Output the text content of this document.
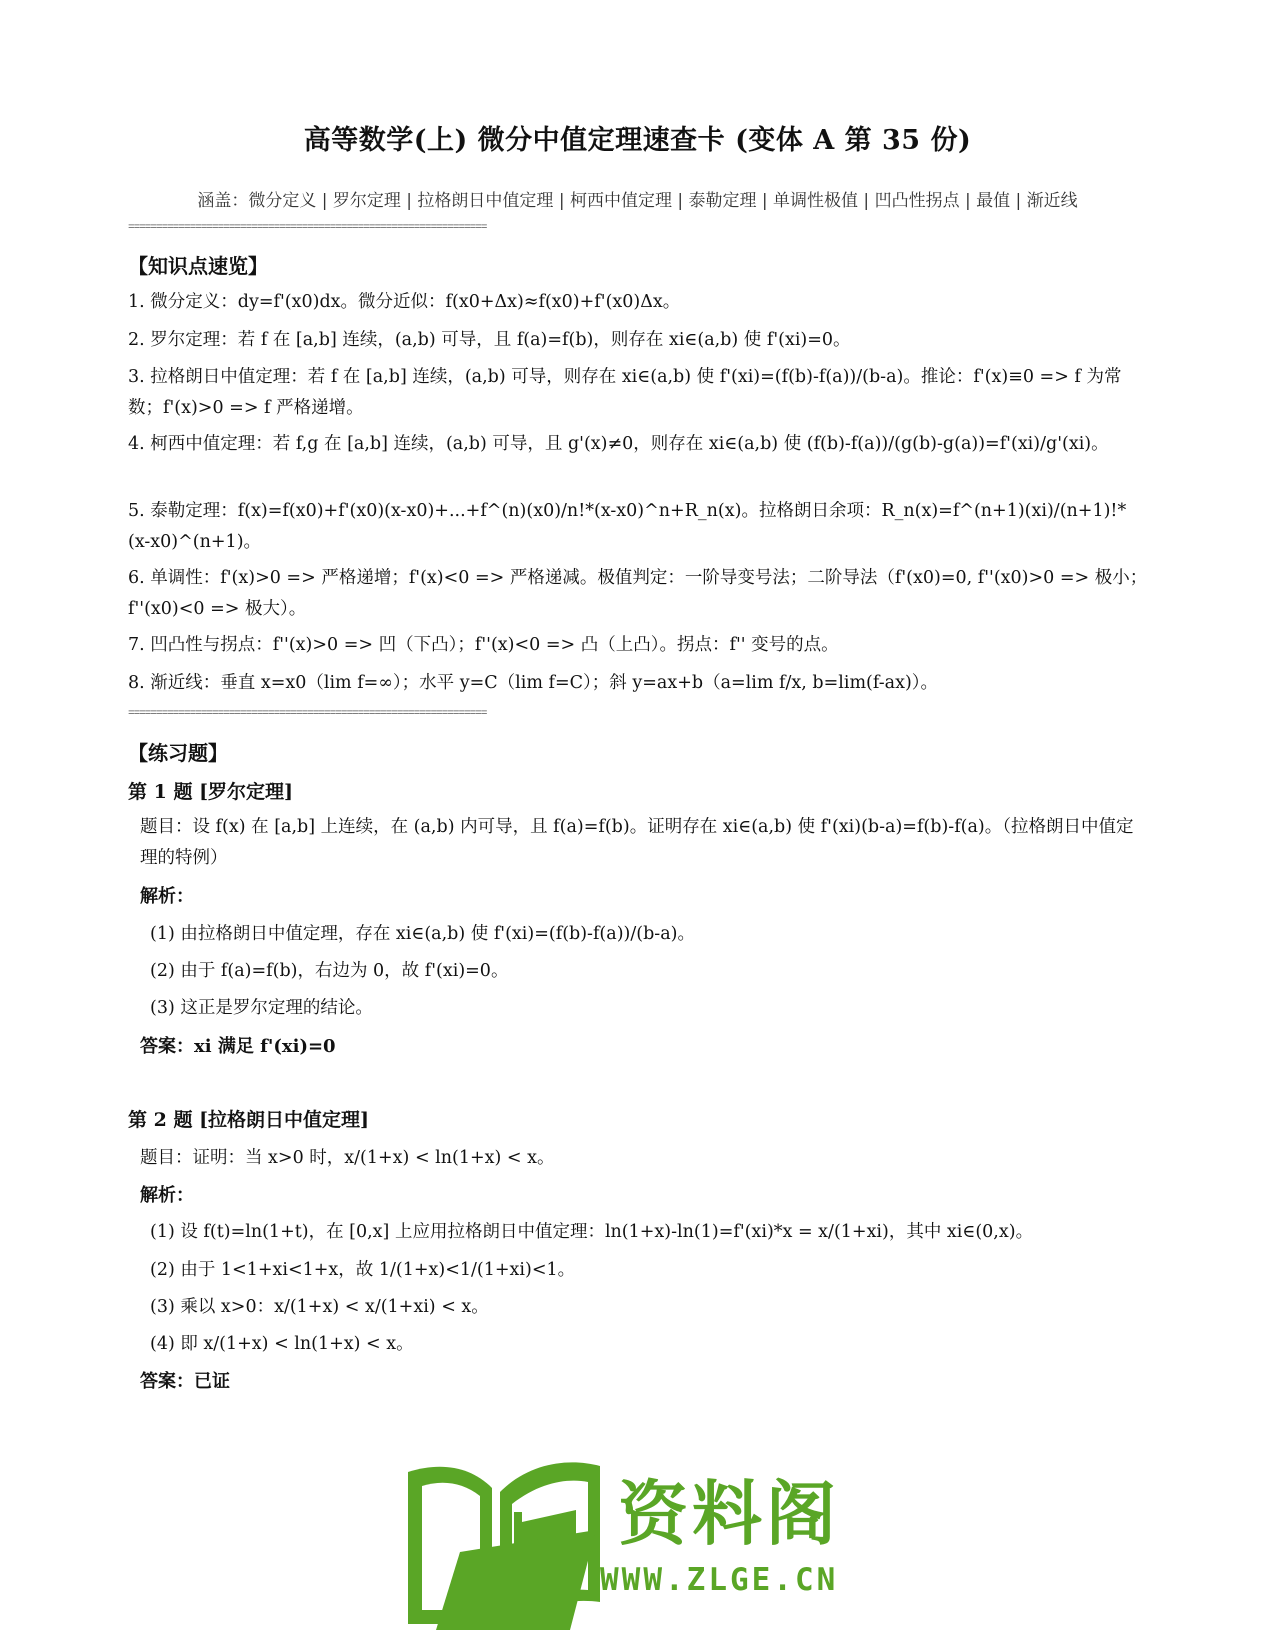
高等数学(上) 微分中值定理速查卡 (变体 A 第 35 份)
涵盖：微分定义 | 罗尔定理 | 拉格朗日中值定理 | 柯西中值定理 | 泰勒定理 | 单调性极值 | 凹凸性拐点 | 最值 | 渐近线
================================================================
【知识点速览】
1. 微分定义：dy=f'(x0)dx。微分近似：f(x0+Δx)≈f(x0)+f'(x0)Δx。
2. 罗尔定理：若 f 在 [a,b] 连续，(a,b) 可导，且 f(a)=f(b)，则存在 xi∈(a,b) 使 f'(xi)=0。
3. 拉格朗日中值定理：若 f 在 [a,b] 连续，(a,b) 可导，则存在 xi∈(a,b) 使 f'(xi)=(f(b)-f(a))/(b-a)。推论：f'(x)≡0 => f 为常数；f'(x)>0 => f 严格递增。
4. 柯西中值定理：若 f,g 在 [a,b] 连续，(a,b) 可导，且 g'(x)≠0，则存在 xi∈(a,b) 使 (f(b)-f(a))/(g(b)-g(a))=f'(xi)/g'(xi)。
5. 泰勒定理：f(x)=f(x0)+f'(x0)(x-x0)+...+f^(n)(x0)/n!*(x-x0)^n+R_n(x)。拉格朗日余项：R_n(x)=f^(n+1)(xi)/(n+1)!*(x-x0)^(n+1)。
6. 单调性：f'(x)>0 => 严格递增；f'(x)<0 => 严格递减。极值判定：一阶导变号法；二阶导法（f'(x0)=0, f''(x0)>0 => 极小；f''(x0)<0 => 极大）。
7. 凹凸性与拐点：f''(x)>0 => 凹（下凸）；f''(x)<0 => 凸（上凸）。拐点：f'' 变号的点。
8. 渐近线：垂直 x=x0（lim f=∞）；水平 y=C（lim f=C）；斜 y=ax+b（a=lim f/x, b=lim(f-ax)）。
================================================================
【练习题】
第 1 题 [罗尔定理]
题目：设 f(x) 在 [a,b] 上连续，在 (a,b) 内可导，且 f(a)=f(b)。证明存在 xi∈(a,b) 使 f'(xi)(b-a)=f(b)-f(a)。（拉格朗日中值定理的特例）
解析：
(1) 由拉格朗日中值定理，存在 xi∈(a,b) 使 f'(xi)=(f(b)-f(a))/(b-a)。
(2) 由于 f(a)=f(b)，右边为 0，故 f'(xi)=0。
(3) 这正是罗尔定理的结论。
答案：xi 满足 f'(xi)=0
第 2 题 [拉格朗日中值定理]
题目：证明：当 x>0 时，x/(1+x) < ln(1+x) < x。
解析：
(1) 设 f(t)=ln(1+t)，在 [0,x] 上应用拉格朗日中值定理：ln(1+x)-ln(1)=f'(xi)*x = x/(1+xi)，其中 xi∈(0,x)。
(2) 由于 1<1+xi<1+x，故 1/(1+x)<1/(1+xi)<1。
(3) 乘以 x>0：x/(1+x) < x/(1+xi) < x。
(4) 即 x/(1+x) < ln(1+x) < x。
答案：已证
资料阁
WWW.ZLGE.CN
